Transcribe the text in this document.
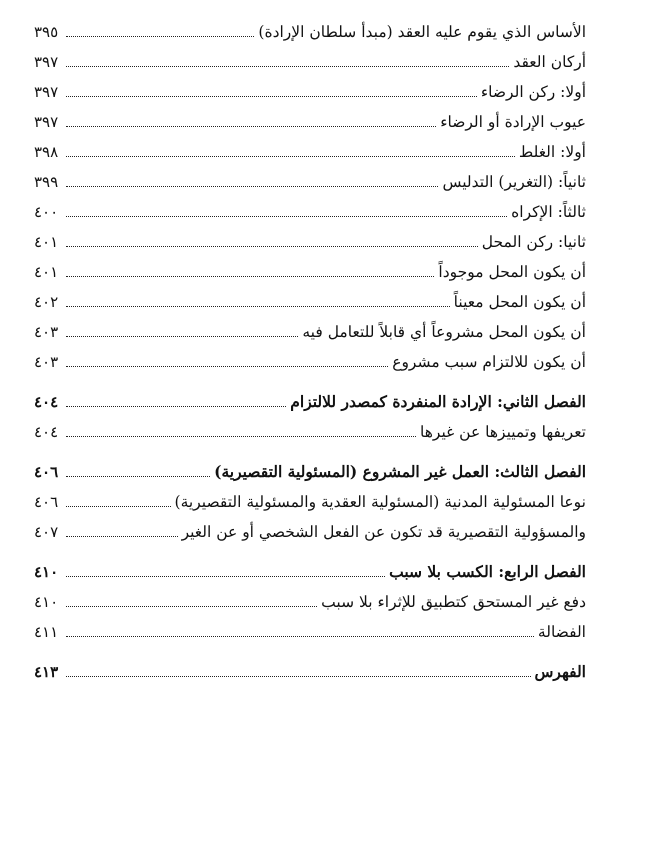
الأساس الذي يقوم عليه العقد (مبدأ سلطان الإرادة)
٣٩٥
أركان العقد
٣٩٧
أولا: ركن الرضاء
٣٩٧
عيوب الإرادة أو الرضاء
٣٩٧
أولا: الغلط
٣٩٨
ثانياً: (التغرير) التدليس
٣٩٩
ثالثاً: الإكراه
٤٠٠
ثانيا: ركن المحل
٤٠١
أن يكون المحل موجوداً
٤٠١
أن يكون المحل معيناً
٤٠٢
أن يكون المحل مشروعاً أي قابلاً للتعامل فيه
٤٠٣
أن يكون للالتزام سبب مشروع
٤٠٣
الفصل الثاني: الإرادة المنفردة كمصدر للالتزام
٤٠٤
تعريفها وتمييزها عن غيرها
٤٠٤
الفصل الثالث: العمل غير المشروع (المسئولية التقصيرية)
٤٠٦
نوعا المسئولية المدنية (المسئولية العقدية والمسئولية التقصيرية)
٤٠٦
والمسؤولية التقصيرية قد تكون عن الفعل الشخصي أو عن الغير
٤٠٧
الفصل الرابع: الكسب بلا سبب
٤١٠
دفع غير المستحق كتطبيق للإثراء بلا سبب
٤١٠
الفضالة
٤١١
الفهرس
٤١٣
